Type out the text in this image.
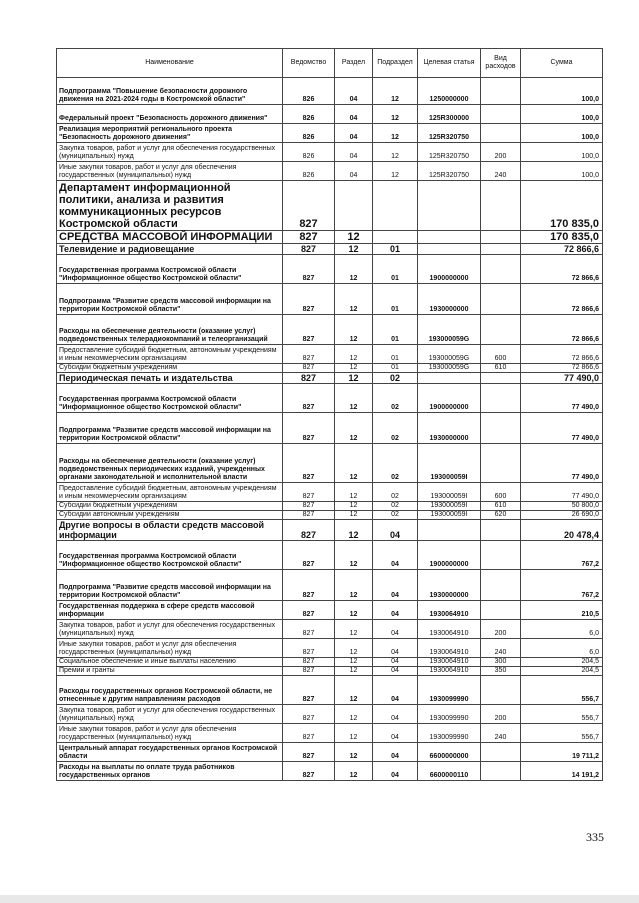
Наименование	Ведомство	Раздел	Подраздел	Целевая статья	Вид расходов	Сумма
Подпрограмма "Повышение безопасности дорожного движения на 2021-2024 годы в Костромской области"	826	04	12	1250000000		100,0
Федеральный проект "Безопасность дорожного движения"	826	04	12	125R300000		100,0
Реализация мероприятий регионального проекта "Безопасность дорожного движения"	826	04	12	125R320750		100,0
Закупка товаров, работ и услуг для обеспечения государственных (муниципальных) нужд	826	04	12	125R320750	200	100,0
Иные закупки товаров, работ и услуг для обеспечения государственных (муниципальных) нужд	826	04	12	125R320750	240	100,0
Департамент информационной политики, анализа и развития коммуникационных ресурсов Костромской области	827					170 835,0
СРЕДСТВА МАССОВОЙ ИНФОРМАЦИИ	827	12				170 835,0
Телевидение и радиовещание	827	12	01			72 866,6
Государственная программа Костромской области "Информационное общество Костромской области"	827	12	01	1900000000		72 866,6
Подпрограмма "Развитие средств массовой информации на территории Костромской области"	827	12	01	1930000000		72 866,6
Расходы на обеспечение деятельности (оказание услуг) подведомственных телерадиокомпаний и телеорганизаций	827	12	01	193000059G		72 866,6
Предоставление субсидий бюджетным, автономным учреждениям и иным некоммерческим организациям	827	12	01	193000059G	600	72 866,6
Субсидии бюджетным учреждениям	827	12	01	193000059G	610	72 866,6
Периодическая печать и издательства	827	12	02			77 490,0
Государственная программа Костромской области "Информационное общество Костромской области"	827	12	02	1900000000		77 490,0
Подпрограмма "Развитие средств массовой информации на территории Костромской области"	827	12	02	1930000000		77 490,0
Расходы на обеспечение деятельности (оказание услуг) подведомственных периодических изданий, учрежденных органами законодательной и исполнительной власти	827	12	02	193000059I		77 490,0
Предоставление субсидий бюджетным, автономным учреждениям и иным некоммерческим организациям	827	12	02	193000059I	600	77 490,0
Субсидии бюджетным учреждениям	827	12	02	193000059I	610	50 800,0
Субсидии автономным учреждениям	827	12	02	193000059I	620	26 690,0
Другие вопросы в области средств массовой информации	827	12	04			20 478,4
Государственная программа Костромской области "Информационное общество Костромской области"	827	12	04	1900000000		767,2
Подпрограмма "Развитие средств массовой информации на территории Костромской области"	827	12	04	1930000000		767,2
Государственная поддержка в сфере средств массовой информации	827	12	04	1930064910		210,5
Закупка товаров, работ и услуг для обеспечения государственных (муниципальных) нужд	827	12	04	1930064910	200	6,0
Иные закупки товаров, работ и услуг для обеспечения государственных (муниципальных) нужд	827	12	04	1930064910	240	6,0
Социальное обеспечение и иные выплаты населению	827	12	04	1930064910	300	204,5
Премии и гранты	827	12	04	1930064910	350	204,5
Расходы государственных органов Костромской области, не отнесенные к другим направлениям расходов	827	12	04	1930099990		556,7
Закупка товаров, работ и услуг для обеспечения государственных (муниципальных) нужд	827	12	04	1930099990	200	556,7
Иные закупки товаров, работ и услуг для обеспечения государственных (муниципальных) нужд	827	12	04	1930099990	240	556,7
Центральный аппарат государственных органов Костромской области	827	12	04	6600000000		19 711,2
Расходы на выплаты по оплате труда работников государственных органов	827	12	04	6600000110		14 191,2
335
